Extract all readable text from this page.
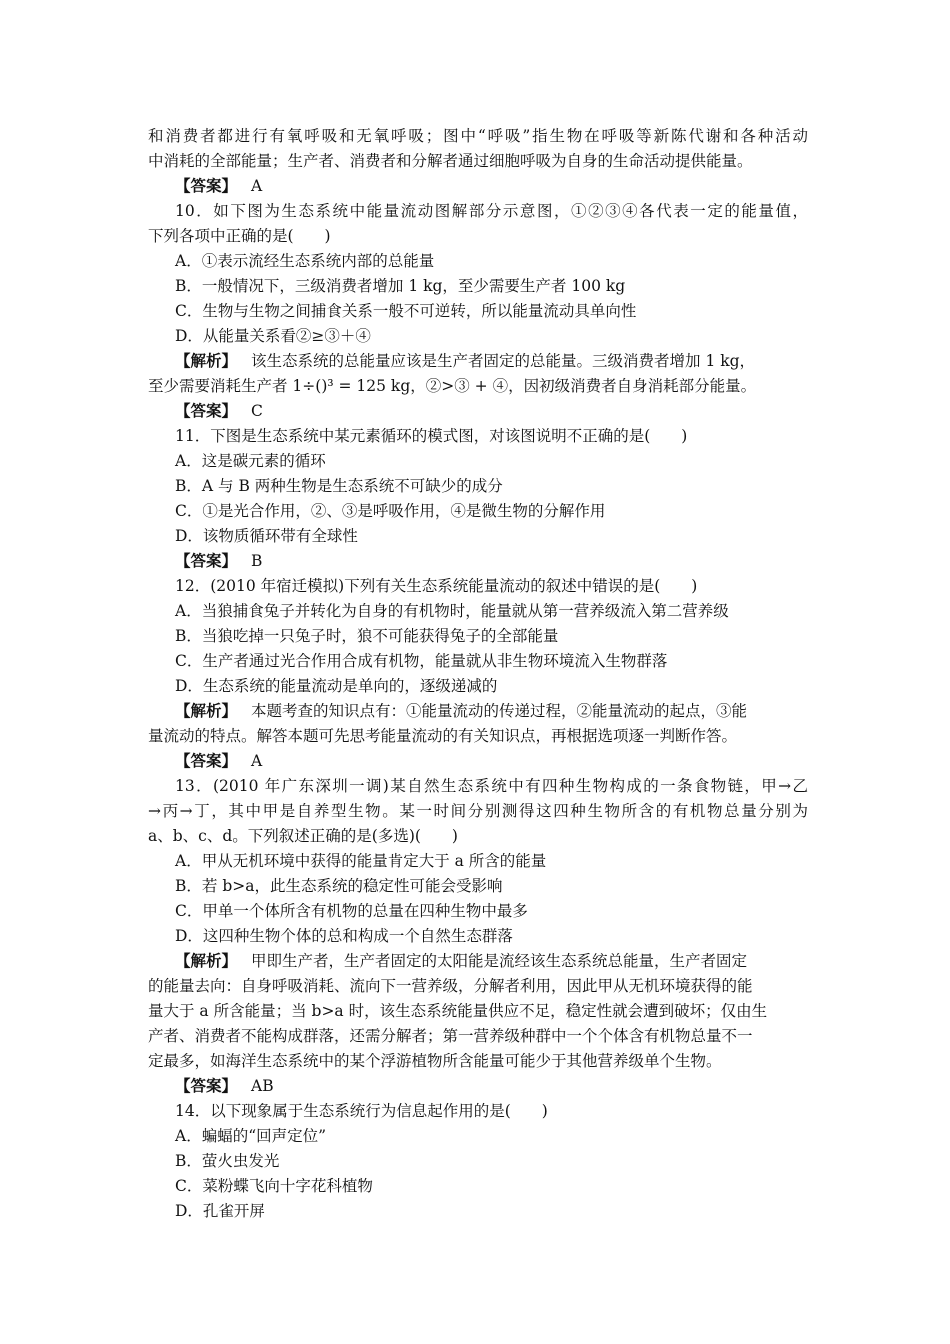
和消费者都进行有氧呼吸和无氧呼吸；图中“呼吸”指生物在呼吸等新陈代谢和各种活动
中消耗的全部能量；生产者、消费者和分解者通过细胞呼吸为自身的生命活动提供能量。
【答案】 A
10．如下图为生态系统中能量流动图解部分示意图，①②③④各代表一定的能量值，
下列各项中正确的是(　　)
A．①表示流经生态系统内部的总能量
B．一般情况下，三级消费者增加 1 kg，至少需要生产者 100 kg
C．生物与生物之间捕食关系一般不可逆转，所以能量流动具单向性
D．从能量关系看②≥③＋④
【解析】 该生态系统的总能量应该是生产者固定的总能量。三级消费者增加 1 kg，
至少需要消耗生产者 1÷()³ = 125 kg，②>③ + ④，因初级消费者自身消耗部分能量。
【答案】 C
11．下图是生态系统中某元素循环的模式图，对该图说明不正确的是(　　)
A．这是碳元素的循环
B．A 与 B 两种生物是生态系统不可缺少的成分
C．①是光合作用，②、③是呼吸作用，④是微生物的分解作用
D．该物质循环带有全球性
【答案】 B
12．(2010 年宿迁模拟)下列有关生态系统能量流动的叙述中错误的是(　　)
A．当狼捕食兔子并转化为自身的有机物时，能量就从第一营养级流入第二营养级
B．当狼吃掉一只兔子时，狼不可能获得兔子的全部能量
C．生产者通过光合作用合成有机物，能量就从非生物环境流入生物群落
D．生态系统的能量流动是单向的，逐级递减的
【解析】 本题考查的知识点有：①能量流动的传递过程，②能量流动的起点，③能
量流动的特点。解答本题可先思考能量流动的有关知识点，再根据选项逐一判断作答。
【答案】 A
13．(2010 年广东深圳一调)某自然生态系统中有四种生物构成的一条食物链，甲→乙
→丙→丁，其中甲是自养型生物。某一时间分别测得这四种生物所含的有机物总量分别为
a、b、c、d。下列叙述正确的是(多选)(　　)
A．甲从无机环境中获得的能量肯定大于 a 所含的能量
B．若 b>a，此生态系统的稳定性可能会受影响
C．甲单一个体所含有机物的总量在四种生物中最多
D．这四种生物个体的总和构成一个自然生态群落
【解析】 甲即生产者，生产者固定的太阳能是流经该生态系统总能量，生产者固定
的能量去向：自身呼吸消耗、流向下一营养级，分解者利用，因此甲从无机环境获得的能
量大于 a 所含能量；当 b>a 时，该生态系统能量供应不足，稳定性就会遭到破坏；仅由生
产者、消费者不能构成群落，还需分解者；第一营养级种群中一个个体含有机物总量不一
定最多，如海洋生态系统中的某个浮游植物所含能量可能少于其他营养级单个生物。
【答案】 AB
14．以下现象属于生态系统行为信息起作用的是(　　)
A．蝙蝠的“回声定位”
B．萤火虫发光
C．菜粉蝶飞向十字花科植物
D．孔雀开屏
